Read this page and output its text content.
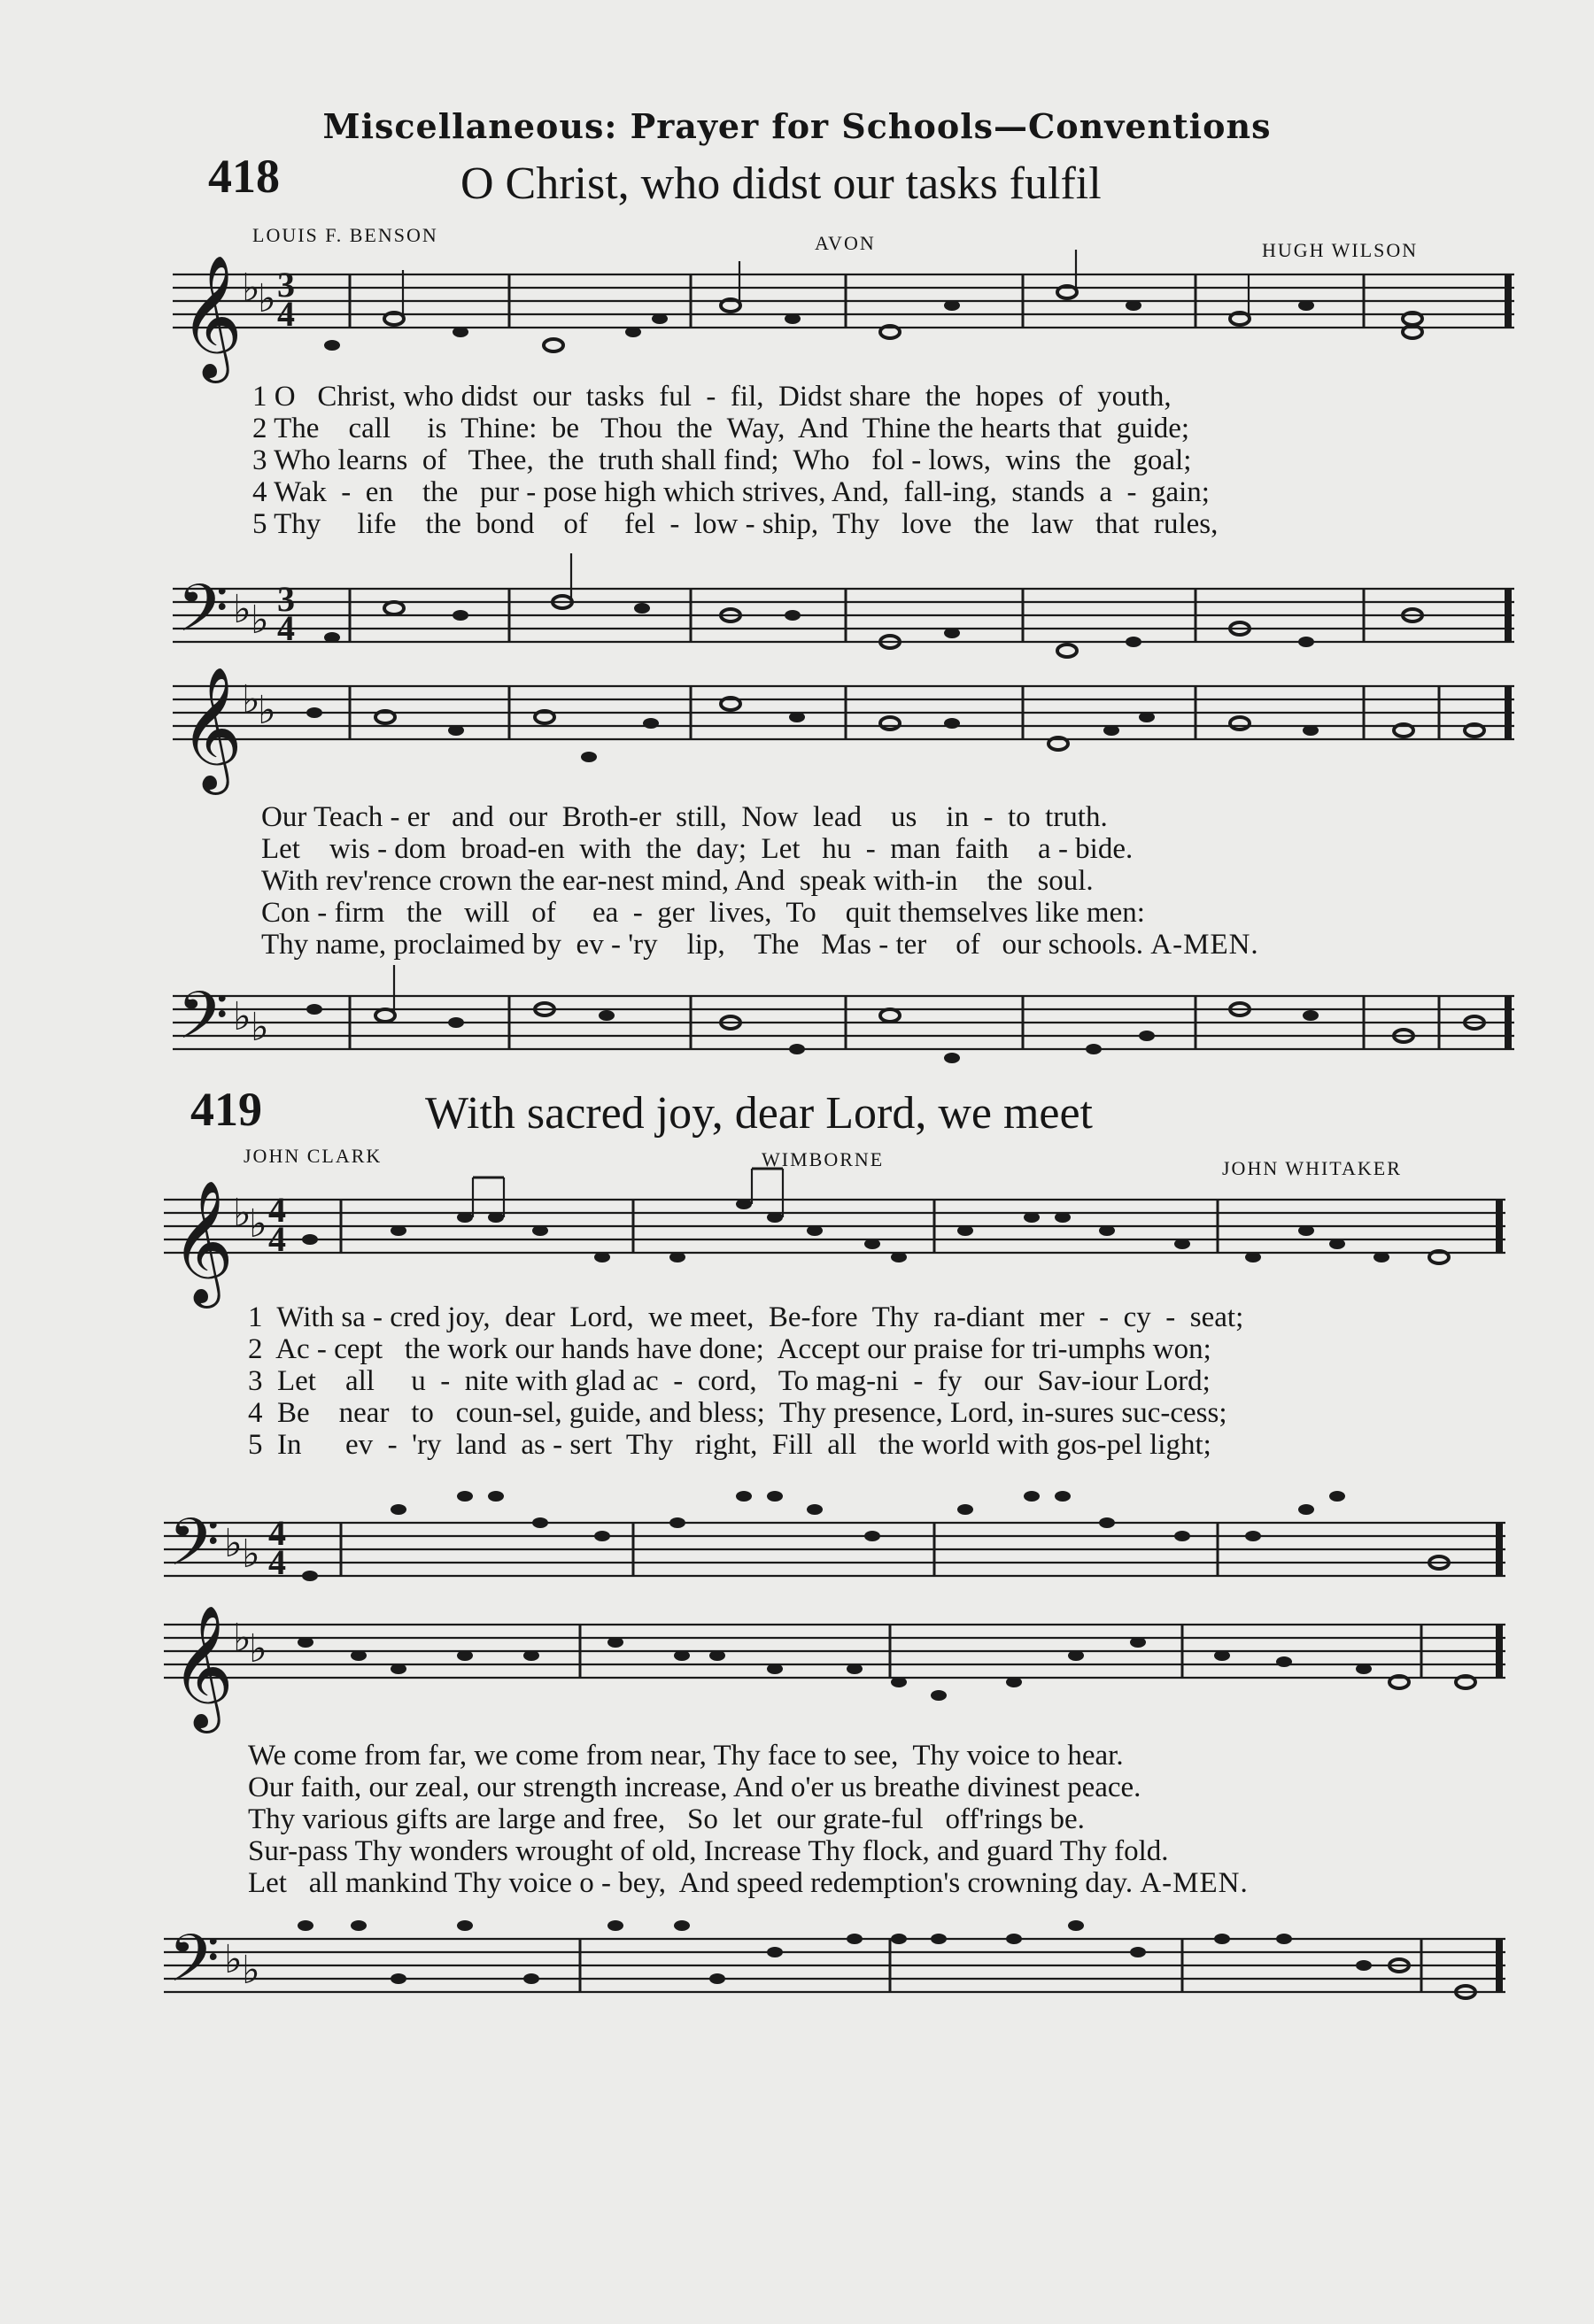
Miscellaneous: Prayer for Schools—Conventions
418	O Christ, who didst our tasks fulfil
LOUIS F. BENSON	AVON	HUGH WILSON
𝄞 ♭
♭ 3
4
1 O   Christ, who didst  our  tasks  ful  -  fil,  Didst share  the  hopes  of  youth,
2 The    call     is  Thine:  be   Thou  the  Way,  And  Thine the hearts that  guide;
3 Who learns  of   Thee,  the  truth shall find;  Who   fol - lows,  wins  the   goal;
4 Wak  -  en    the   pur - pose high which strives, And,  fall-ing,  stands  a  -  gain;
5 Thy     life    the  bond    of     fel  -  low - ship,  Thy   love   the   law   that  rules,
𝄢 ♭ ♭ 3
4
𝄞 ♭
♭
Our Teach - er   and  our  Broth-er  still,  Now  lead    us    in  -  to  truth.
Let    wis - dom  broad-en  with  the  day;  Let   hu  -  man  faith    a - bide.
With rev'rence crown the ear-nest mind, And  speak with-in    the  soul.
Con - firm   the   will   of     ea  -  ger  lives,  To    quit themselves like men:
Thy name, proclaimed by  ev - 'ry    lip,    The   Mas - ter    of   our schools. A-MEN.
𝄢 ♭ ♭
419	With sacred joy, dear Lord, we meet
JOHN CLARK	WIMBORNE	JOHN WHITAKER
𝄞 ♭
♭ 4
4
1  With sa - cred joy,  dear  Lord,  we meet,  Be-fore  Thy  ra-diant  mer  -  cy  -  seat;
2  Ac - cept   the work our hands have done;  Accept our praise for tri-umphs won;
3  Let    all     u  -  nite with glad ac  -  cord,   To mag-ni  -  fy   our  Sav-iour Lord;
4  Be    near   to   coun-sel, guide, and bless;  Thy presence, Lord, in-sures suc-cess;
5  In      ev  -  'ry  land  as - sert  Thy   right,  Fill  all   the world with gos-pel light;
𝄢 ♭ ♭ 4
4
𝄞 ♭
♭
We come from far, we come from near, Thy face to see,  Thy voice to hear.
Our faith, our zeal, our strength increase, And o'er us breathe divinest peace.
Thy various gifts are large and free,   So  let  our grate-ful   off'rings be.
Sur-pass Thy wonders wrought of old, Increase Thy flock, and guard Thy fold.
Let   all mankind Thy voice o - bey,  And speed redemption's crowning day. A-MEN.
𝄢 ♭ ♭
